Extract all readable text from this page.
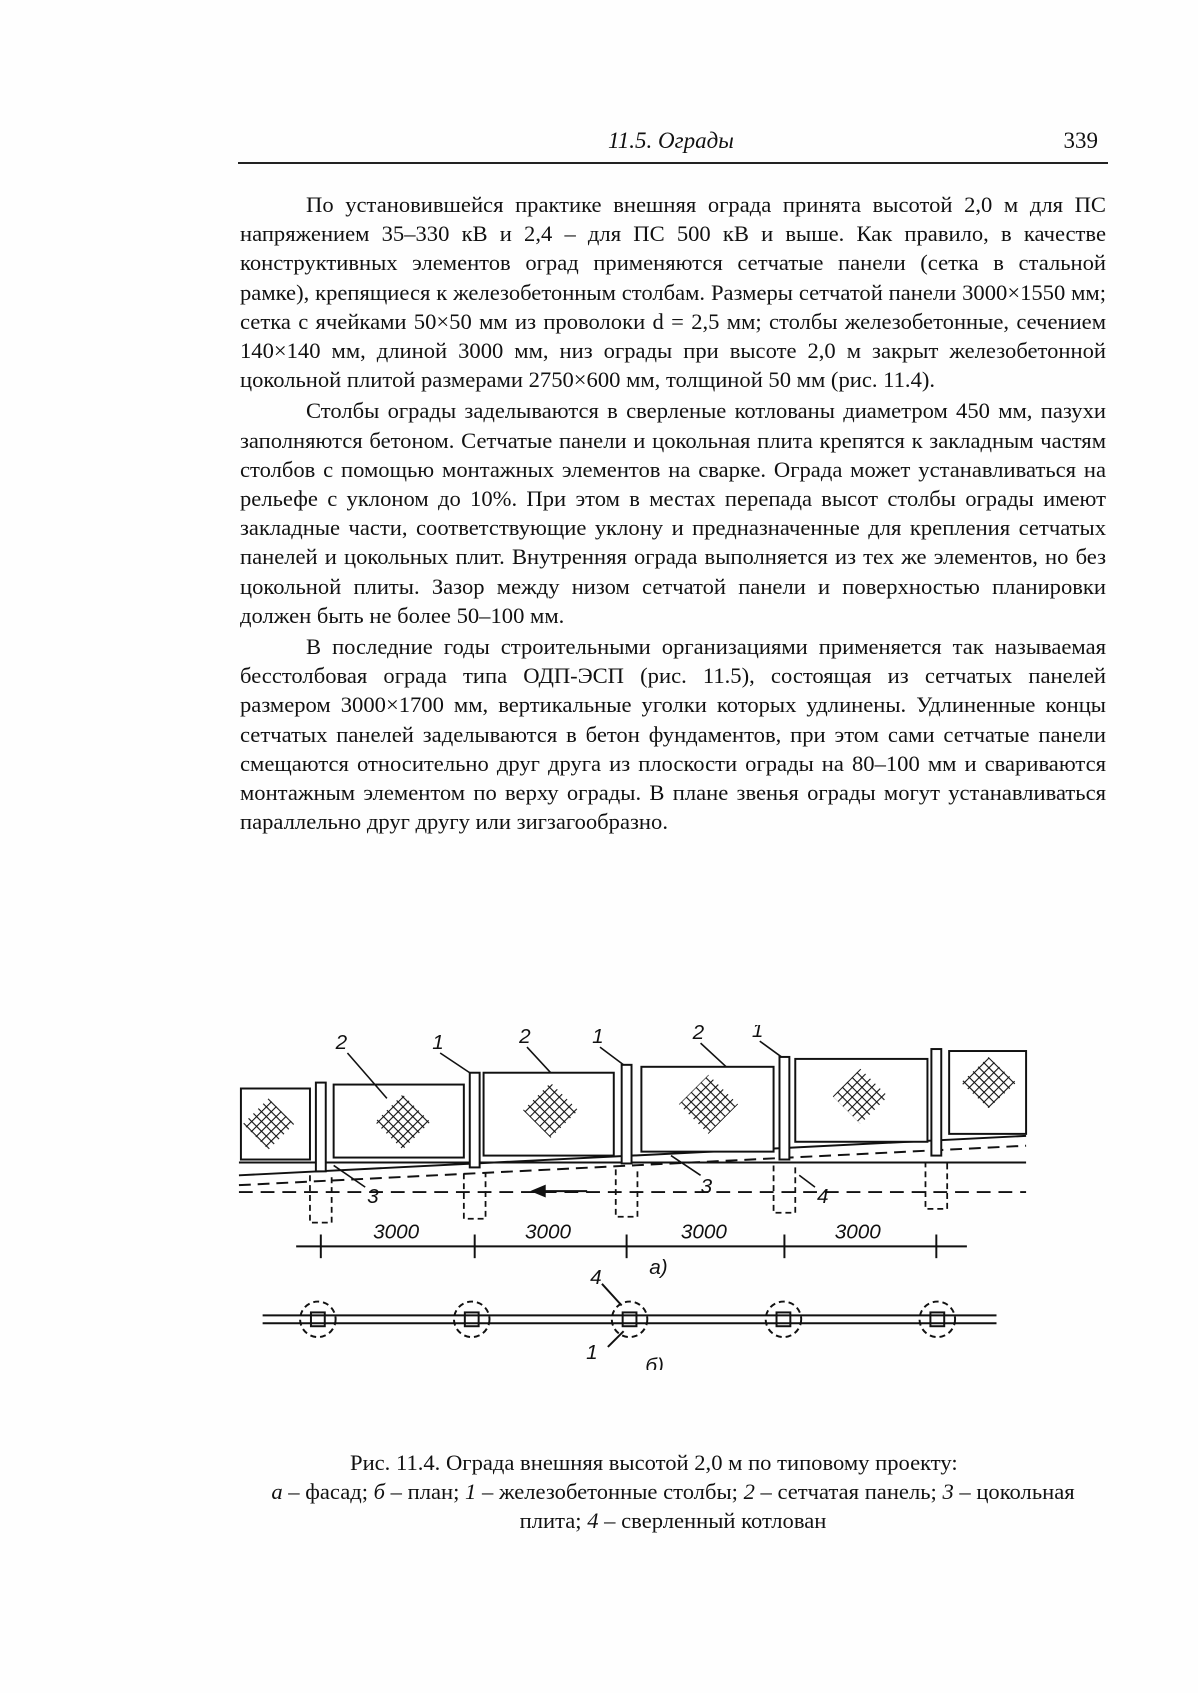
11.5. Ограды	339

По установившейся практике внешняя ограда принята высотой 2,0 м для ПС напряжением 35–330 кВ и 2,4 – для ПС 500 кВ и выше. Как правило, в качестве конструктивных элементов оград применяются сетчатые панели (сетка в стальной рамке), крепящиеся к железобетонным столбам. Размеры сетчатой панели 3000×1550 мм; сетка с ячейками 50×50 мм из проволоки d = 2,5 мм; столбы железобетонные, сечением 140×140 мм, длиной 3000 мм, низ ограды при высоте 2,0 м закрыт железобетонной цокольной плитой размерами 2750×600 мм, толщиной 50 мм (рис. 11.4).

Столбы ограды заделываются в сверленые котлованы диаметром 450 мм, пазухи заполняются бетоном. Сетчатые панели и цокольная плита крепятся к закладным частям столбов с помощью монтажных элементов на сварке. Ограда может устанавливаться на рельефе с уклоном до 10%. При этом в местах перепада высот столбы ограды имеют закладные части, соответствующие уклону и предназначенные для крепления сетчатых панелей и цокольных плит. Внутренняя ограда выполняется из тех же элементов, но без цокольной плиты. Зазор между низом сетчатой панели и поверхностью планировки должен быть не более 50–100 мм.

В последние годы строительными организациями применяется так называемая бесстолбовая ограда типа ОДП-ЭСП (рис. 11.5), состоящая из сетчатых панелей размером 3000×1700 мм, вертикальные уголки которых удлинены. Удлиненные концы сетчатых панелей заделываются в бетон фундаментов, при этом сами сетчатые панели смещаются относительно друг друга из плоскости ограды на 80–100 мм и свариваются монтажным элементом по верху ограды. В плане звенья ограды могут устанавливаться параллельно друг другу или зигзагообразно.

2	1	2	1	2 1
3	3	4
3000	3000	3000	3000
а)
4
1
б)
Рис. 11.4. Ограда внешняя высотой 2,0 м по типовому проекту:
а – фасад; б – план; 1 – железобетонные столбы; 2 – сетчатая панель; 3 – цокольная плита; 4 – сверленный котлован
